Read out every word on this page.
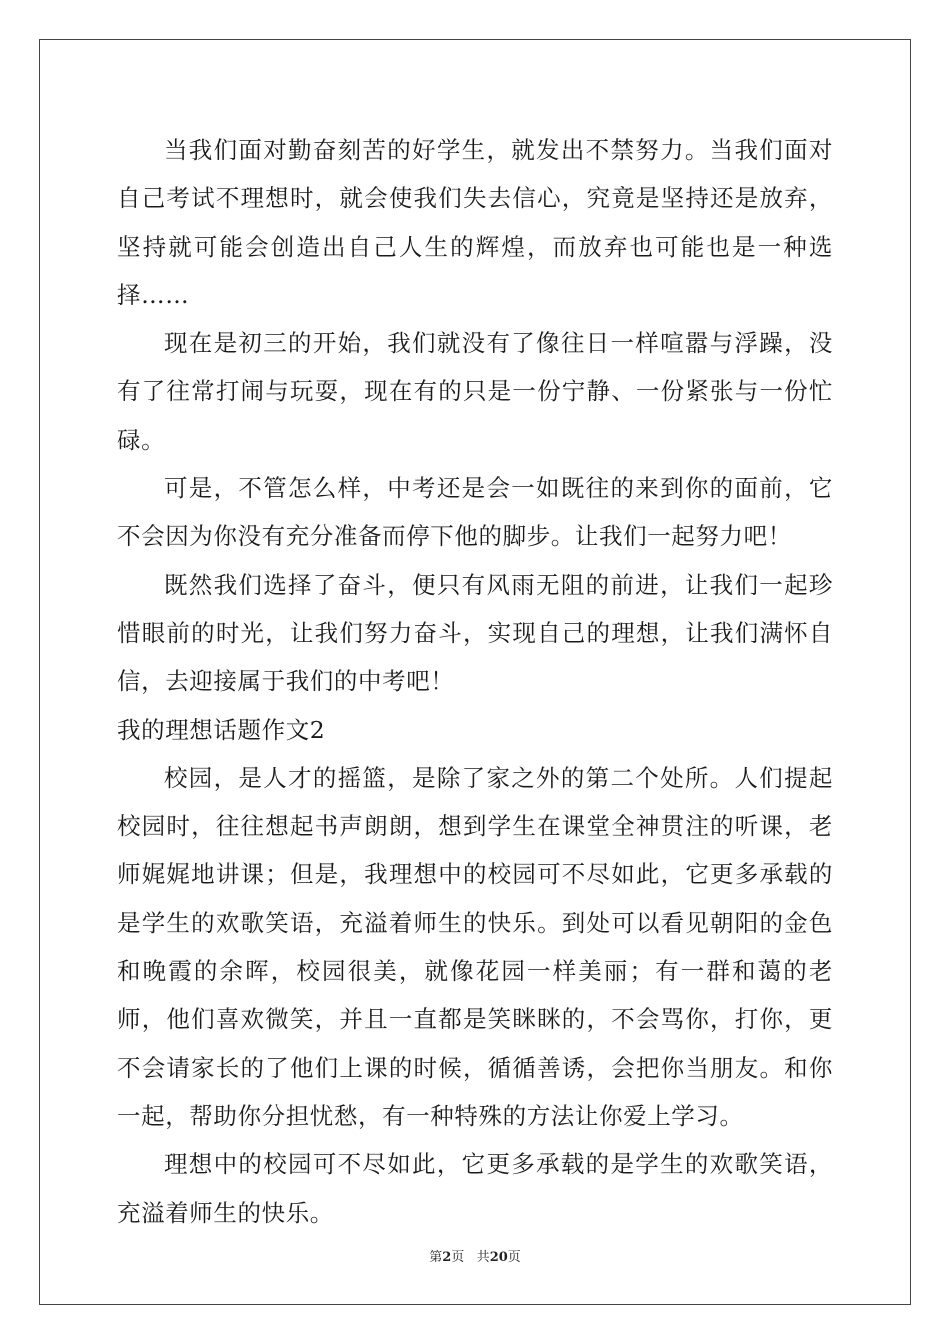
当我们面对勤奋刻苦的好学生，就发出不禁努力。当我们面对自己考试不理想时，就会使我们失去信心，究竟是坚持还是放弃，坚持就可能会创造出自己人生的辉煌，而放弃也可能也是一种选择……

现在是初三的开始，我们就没有了像往日一样喧嚣与浮躁，没有了往常打闹与玩耍，现在有的只是一份宁静、一份紧张与一份忙碌。

可是，不管怎么样，中考还是会一如既往的来到你的面前，它不会因为你没有充分准备而停下他的脚步。让我们一起努力吧！

既然我们选择了奋斗，便只有风雨无阻的前进，让我们一起珍惜眼前的时光，让我们努力奋斗，实现自己的理想，让我们满怀自信，去迎接属于我们的中考吧！

我的理想话题作文2

校园，是人才的摇篮，是除了家之外的第二个处所。人们提起校园时，往往想起书声朗朗，想到学生在课堂全神贯注的听课，老师娓娓地讲课；但是，我理想中的校园可不尽如此，它更多承载的是学生的欢歌笑语，充溢着师生的快乐。到处可以看见朝阳的金色和晚霞的余晖，校园很美，就像花园一样美丽；有一群和蔼的老师，他们喜欢微笑，并且一直都是笑眯眯的，不会骂你，打你，更不会请家长的了他们上课的时候，循循善诱，会把你当朋友。和你一起，帮助你分担忧愁，有一种特殊的方法让你爱上学习。

理想中的校园可不尽如此，它更多承载的是学生的欢歌笑语，充溢着师生的快乐。

第2页 共20页
